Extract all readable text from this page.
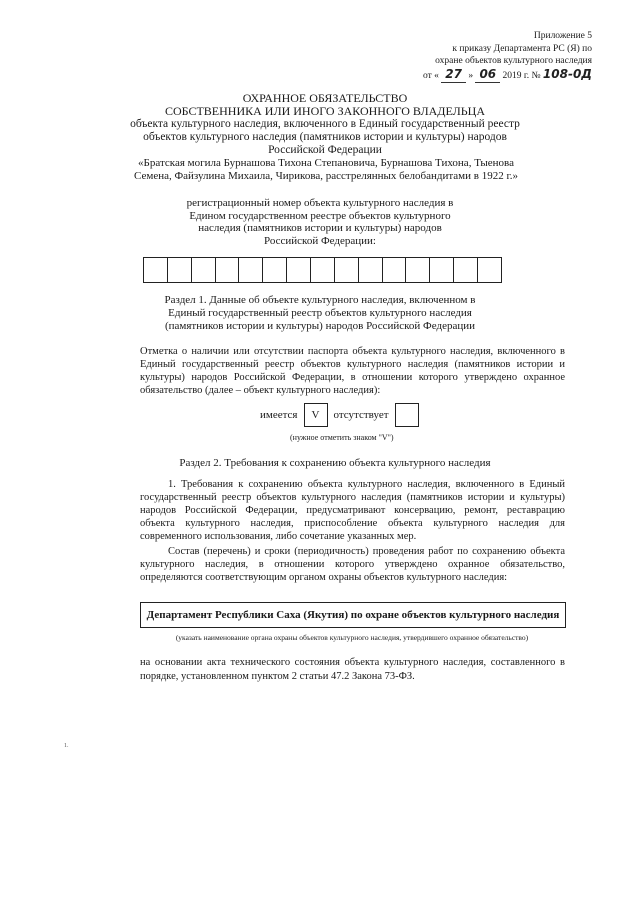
Приложение 5
к приказу Департамента РС (Я) по
охране объектов культурного наследия
от « 27 » 06 2019 г. № 108-0Д
ОХРАННОЕ ОБЯЗАТЕЛЬСТВО
СОБСТВЕННИКА ИЛИ ИНОГО ЗАКОННОГО ВЛАДЕЛЬЦА
объекта культурного наследия, включенного в Единый государственный реестр объектов культурного наследия (памятников истории и культуры) народов Российской Федерации
«Братская могила Бурнашова Тихона Степановича, Бурнашова Тихона, Тыенова Семена, Файзулина Михаила, Чирикова, расстрелянных белобандитами в 1922 г.»
регистрационный номер объекта культурного наследия в Едином государственном реестре объектов культурного наследия (памятников истории и культуры) народов Российской Федерации:
Раздел 1. Данные об объекте культурного наследия, включенном в Единый государственный реестр объектов культурного наследия (памятников истории и культуры) народов Российской Федерации
Отметка о наличии или отсутствии паспорта объекта культурного наследия, включенного в Единый государственный реестр объектов культурного наследия (памятников истории и культуры) народов Российской Федерации, в отношении которого утверждено охранное обязательство (далее – объект культурного наследия):
имеется	V	отсутствует
(нужное отметить знаком "V")
Раздел 2. Требования к сохранению объекта культурного наследия

1. Требования к сохранению объекта культурного наследия, включенного в Единый государственный реестр объектов культурного наследия (памятников истории и культуры) народов Российской Федерации, предусматривают консервацию, ремонт, реставрацию объекта культурного наследия, приспособление объекта культурного наследия для современного использования, либо сочетание указанных мер.

Состав (перечень) и сроки (периодичность) проведения работ по сохранению объекта культурного наследия, в отношении которого утверждено охранное обязательство, определяются соответствующим органом охраны объектов культурного наследия:

Департамент Республики Саха (Якутия) по охране объектов культурного наследия
(указать наименование органа охраны объектов культурного наследия, утвердившего охранное обязательство)
на основании акта технического состояния объекта культурного наследия, составленного в порядке, установленном пунктом 2 статьи 47.2 Закона 73-ФЗ.
1.
